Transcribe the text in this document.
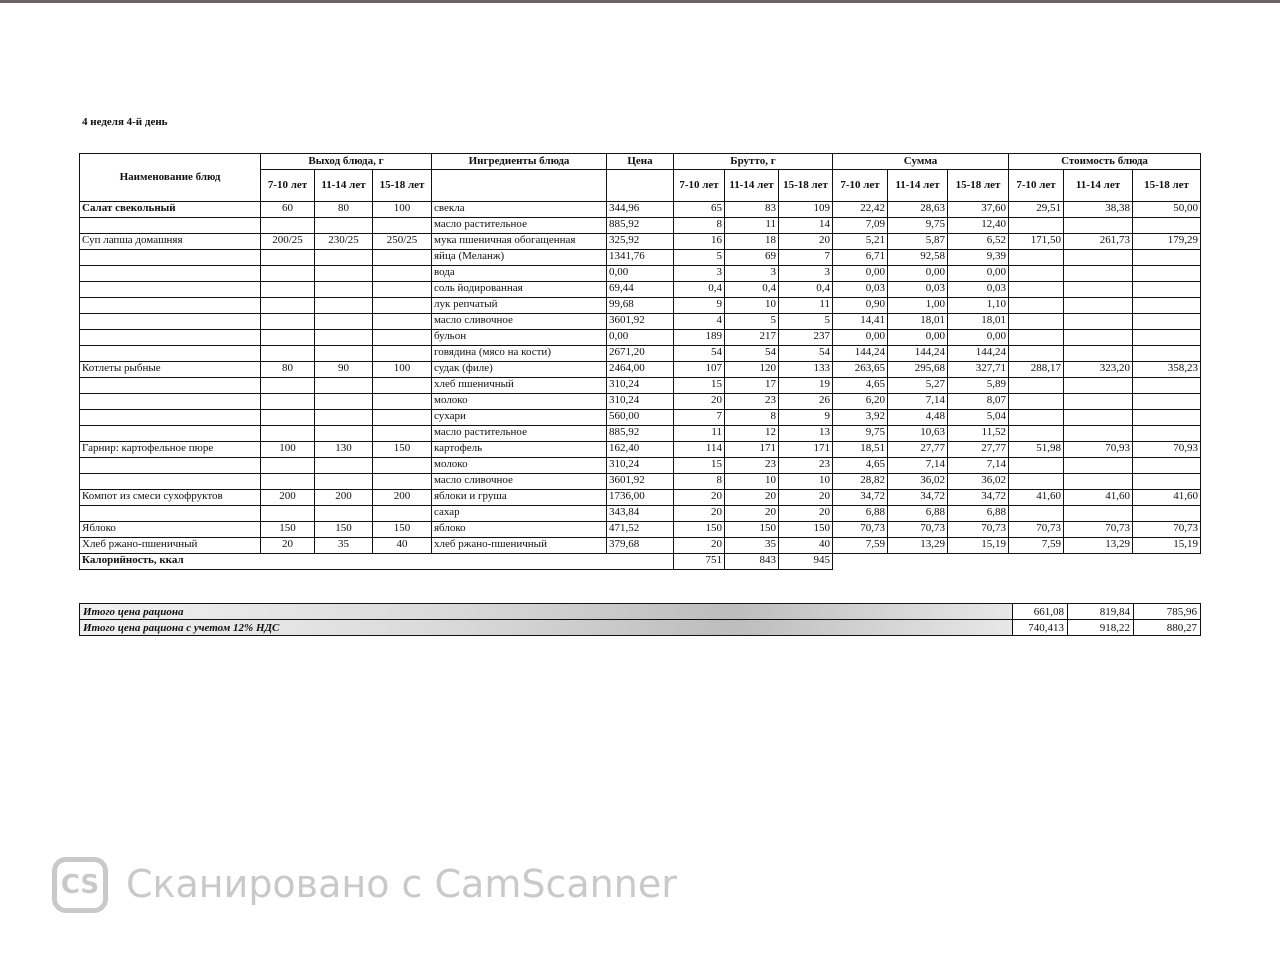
4 неделя 4-й день
Наименование блюд	Выход блюда, г			Ингредиенты блюда	Цена	Брутто, г			Сумма			Стоимость блюда		
	7-10 лет	11-14 лет	15-18 лет			7-10 лет	11-14 лет	15-18 лет	7-10 лет	11-14 лет	15-18 лет	7-10 лет	11-14 лет	15-18 лет
Салат свекольный	60	80	100	свекла	344,96	65	83	109	22,42	28,63	37,60	29,51	38,38	50,00
				масло растительное	885,92	8	11	14	7,09	9,75	12,40			
Суп лапша домашняя	200/25	230/25	250/25	мука пшеничная обогащенная	325,92	16	18	20	5,21	5,87	6,52	171,50	261,73	179,29
				яйца (Меланж)	1341,76	5	69	7	6,71	92,58	9,39			
				вода	0,00	3	3	3	0,00	0,00	0,00			
				соль йодированная	69,44	0,4	0,4	0,4	0,03	0,03	0,03			
				лук репчатый	99,68	9	10	11	0,90	1,00	1,10			
				масло сливочное	3601,92	4	5	5	14,41	18,01	18,01			
				бульон	0,00	189	217	237	0,00	0,00	0,00			
				говядина (мясо на кости)	2671,20	54	54	54	144,24	144,24	144,24			
Котлеты рыбные	80	90	100	судак (филе)	2464,00	107	120	133	263,65	295,68	327,71	288,17	323,20	358,23
				хлеб пшеничный	310,24	15	17	19	4,65	5,27	5,89			
				молоко	310,24	20	23	26	6,20	7,14	8,07			
				сухари	560,00	7	8	9	3,92	4,48	5,04			
				масло растительное	885,92	11	12	13	9,75	10,63	11,52			
Гарнир: картофельное пюре	100	130	150	картофель	162,40	114	171	171	18,51	27,77	27,77	51,98	70,93	70,93
				молоко	310,24	15	23	23	4,65	7,14	7,14			
				масло сливочное	3601,92	8	10	10	28,82	36,02	36,02			
Компот из смеси сухофруктов	200	200	200	яблоки и груша	1736,00	20	20	20	34,72	34,72	34,72	41,60	41,60	41,60
				сахар	343,84	20	20	20	6,88	6,88	6,88			
Яблоко	150	150	150	яблоко	471,52	150	150	150	70,73	70,73	70,73	70,73	70,73	70,73
Хлеб ржано-пшеничный	20	35	40	хлеб ржано-пшеничный	379,68	20	35	40	7,59	13,29	15,19	7,59	13,29	15,19
Калорийность, ккал						751	843	945						
Итого цена рациона	661,08	819,84	785,96
Итого цена рациона с учетом 12% НДС	740,413	918,22	880,27
CS Сканировано с CamScanner
